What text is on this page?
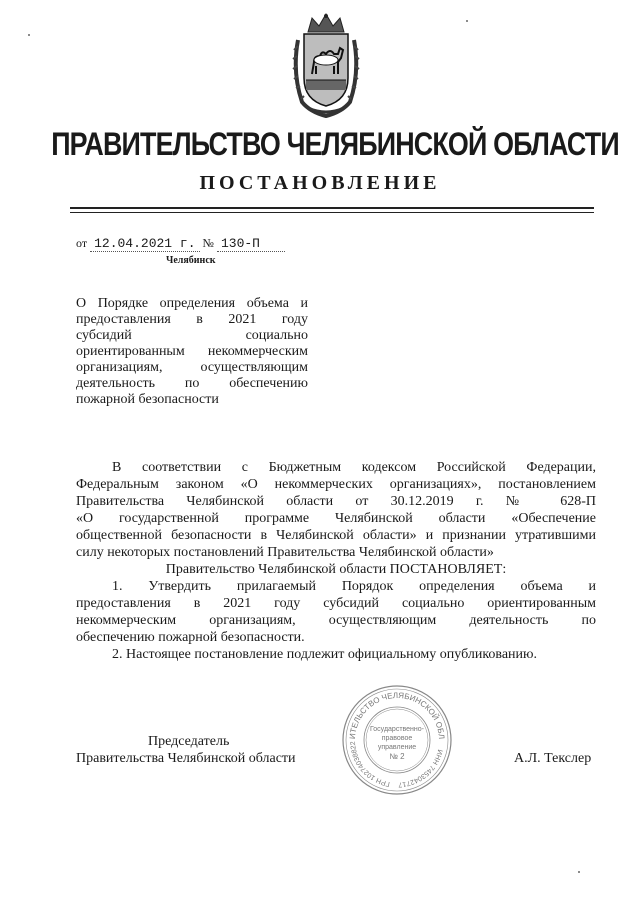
ПРАВИТЕЛЬСТВО ЧЕЛЯБИНСКОЙ ОБЛАСТИ
ПОСТАНОВЛЕНИЕ
от 12.04.2021 г. № 130-П
Челябинск
О Порядке определения объема и
предоставления в 2021 году
субсидий социально
ориентированным некоммерческим
организациям, осуществляющим
деятельность по обеспечению
пожарной безопасности
В соответствии с Бюджетным кодексом Российской Федерации,
Федеральным законом «О некоммерческих организациях», постановлением
Правительства Челябинской области от 30.12.2019 г. № 628-П
«О государственной программе Челябинской области «Обеспечение
общественной безопасности в Челябинской области» и признании утратившими
силу некоторых постановлений Правительства Челябинской области»
Правительство Челябинской области ПОСТАНОВЛЯЕТ:
1. Утвердить прилагаемый Порядок определения объема и
предоставления в 2021 году субсидий социально ориентированным
некоммерческим организациям, осуществляющим деятельность по
обеспечению пожарной безопасности.
2. Настоящее постановление подлежит официальному опубликованию.
Председатель
Правительства Челябинской области	А.Л. Текслер
ИТЕЛЬСТВО ЧЕЛЯБИНСКОЙ ОБЛ
ГРН 10274038822
ИНН 7453042717
Государственно-
правовое
управление
№ 2
